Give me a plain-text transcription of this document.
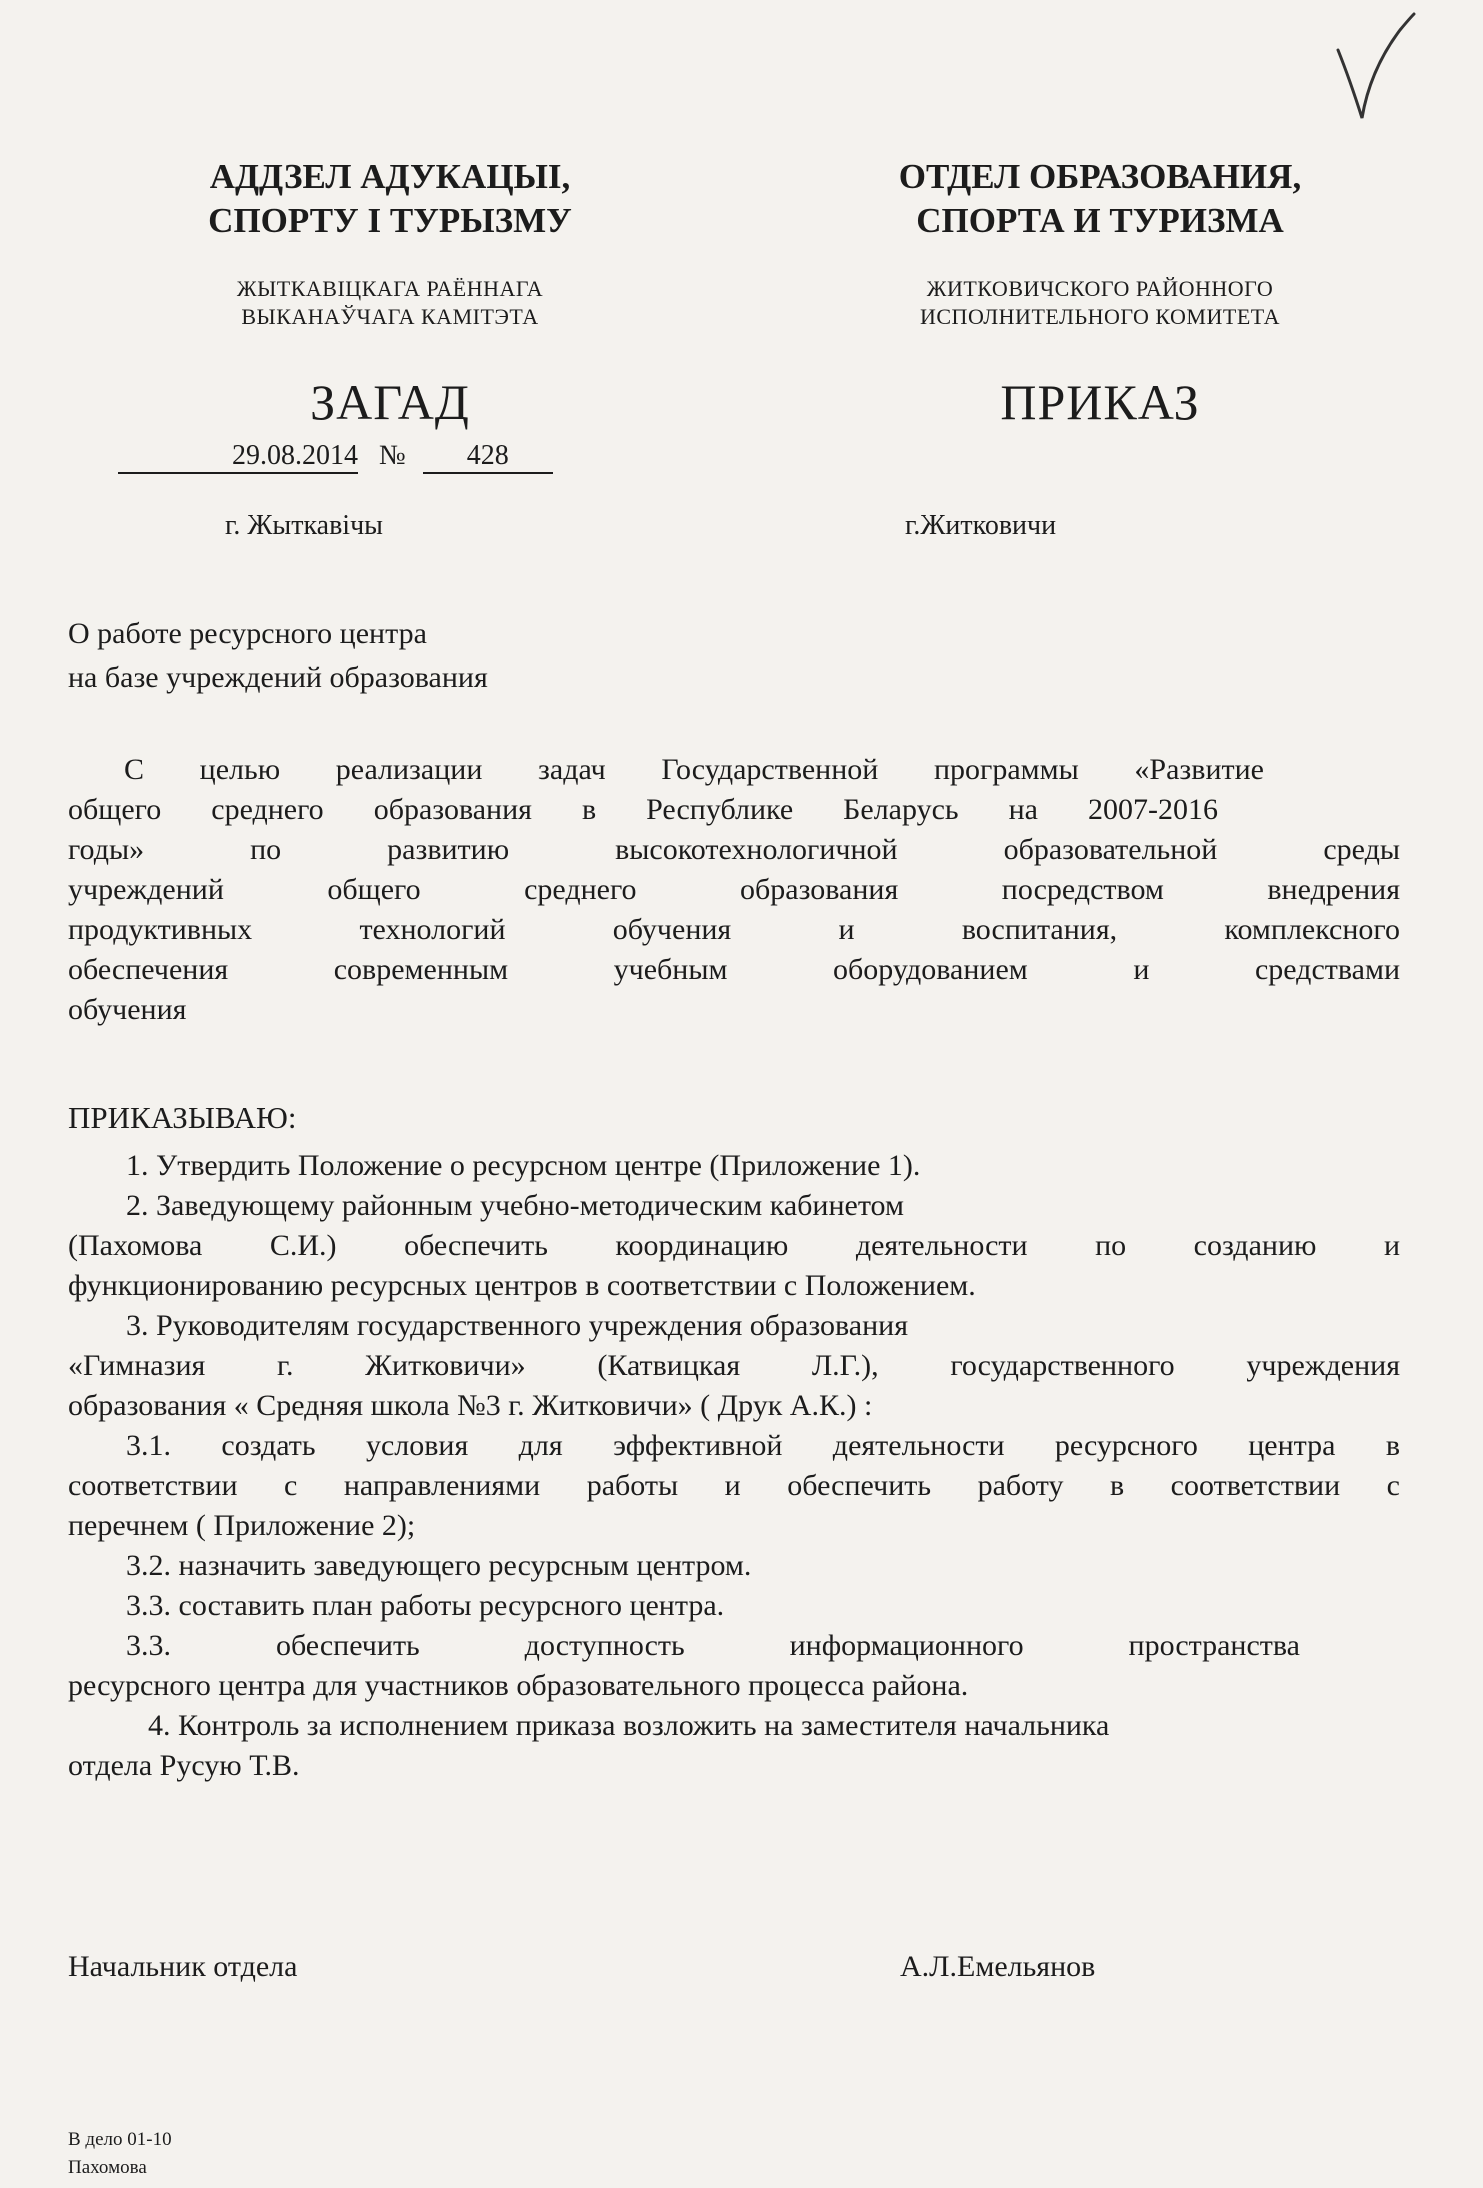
АДДЗЕЛ АДУКАЦЫІ,
СПОРТУ І ТУРЫЗМУ
ЖЫТКАВІЦКАГА РАЁННАГА
ВЫКАНАЎЧАГА КАМІТЭТА
ЗАГАД
ОТДЕЛ ОБРАЗОВАНИЯ,
СПОРТА И ТУРИЗМА
ЖИТКОВИЧСКОГО РАЙОННОГО
ИСПОЛНИТЕЛЬНОГО КОМИТЕТА
ПРИКАЗ
29.08.2014 № 428
г. Жыткавічы	г.Житковичи
О работе ресурсного центра
на базе учреждений образования
С целью реализации задач Государственной программы «Развитие
общего среднего образования в Республике Беларусь на 2007-2016
годы» по развитию высокотехнологичной образовательной среды
учреждений общего среднего образования посредством внедрения
продуктивных технологий обучения и воспитания, комплексного
обеспечения современным учебным оборудованием и средствами
обучения
ПРИКАЗЫВАЮ:
1. Утвердить Положение о ресурсном центре (Приложение 1).
2. Заведующему районным учебно-методическим кабинетом
(Пахомова С.И.) обеспечить координацию деятельности по созданию и
функционированию ресурсных центров в соответствии с Положением.
3. Руководителям государственного учреждения образования
«Гимназия г. Житковичи» (Катвицкая Л.Г.), государственного учреждения
образования « Средняя школа №3 г. Житковичи» ( Друк А.К.) :
3.1. создать условия для эффективной деятельности ресурсного центра в
соответствии с направлениями работы и обеспечить работу в соответствии с
перечнем ( Приложение 2);
3.2. назначить заведующего ресурсным центром.
3.3. составить план работы ресурсного центра.
3.3. обеспечить доступность информационного пространства
ресурсного центра для участников образовательного процесса района.
4. Контроль за исполнением приказа возложить на заместителя начальника
отдела Русую Т.В.
Начальник отдела	А.Л.Емельянов
В дело 01-10
Пахомова
